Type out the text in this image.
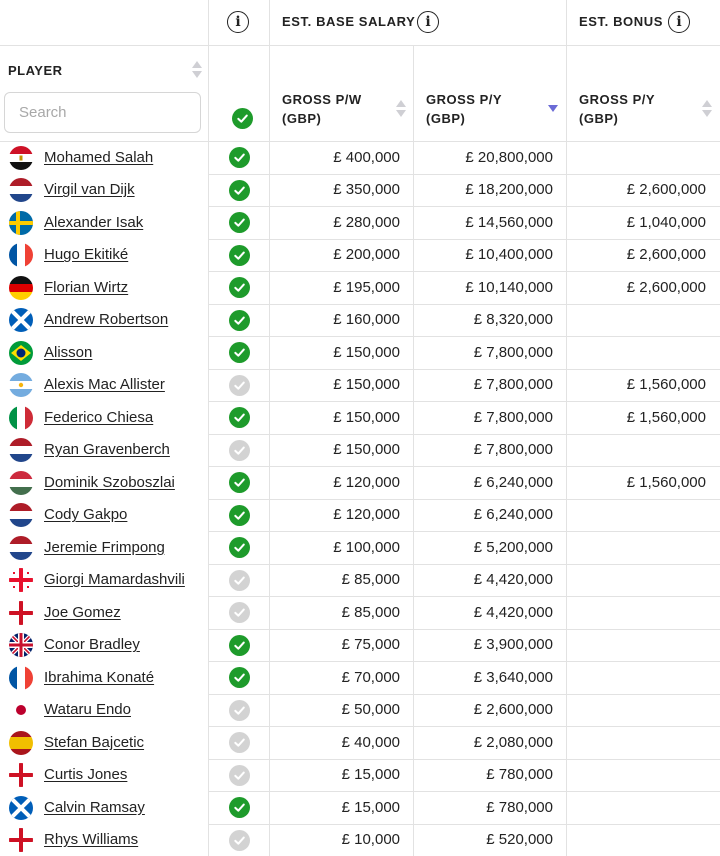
i	EST. BASE SALARY i	EST. BONUS i
PLAYER
Search
GROSS P/W
(GBP)
GROSS P/Y
(GBP)
GROSS P/Y
(GBP)
Mohamed Salah	£ 400,000	£ 20,800,000
Virgil van Dijk	£ 350,000	£ 18,200,000	£ 2,600,000
Alexander Isak	£ 280,000	£ 14,560,000	£ 1,040,000
Hugo Ekitiké	£ 200,000	£ 10,400,000	£ 2,600,000
Florian Wirtz	£ 195,000	£ 10,140,000	£ 2,600,000
Andrew Robertson	£ 160,000	£ 8,320,000
Alisson	£ 150,000	£ 7,800,000
Alexis Mac Allister	£ 150,000	£ 7,800,000	£ 1,560,000
Federico Chiesa	£ 150,000	£ 7,800,000	£ 1,560,000
Ryan Gravenberch	£ 150,000	£ 7,800,000
Dominik Szoboszlai	£ 120,000	£ 6,240,000	£ 1,560,000
Cody Gakpo	£ 120,000	£ 6,240,000
Jeremie Frimpong	£ 100,000	£ 5,200,000
Giorgi Mamardashvili	£ 85,000	£ 4,420,000
Joe Gomez	£ 85,000	£ 4,420,000
Conor Bradley	£ 75,000	£ 3,900,000
Ibrahima Konaté	£ 70,000	£ 3,640,000
Wataru Endo	£ 50,000	£ 2,600,000
Stefan Bajcetic	£ 40,000	£ 2,080,000
Curtis Jones	£ 15,000	£ 780,000
Calvin Ramsay	£ 15,000	£ 780,000
Rhys Williams	£ 10,000	£ 520,000
